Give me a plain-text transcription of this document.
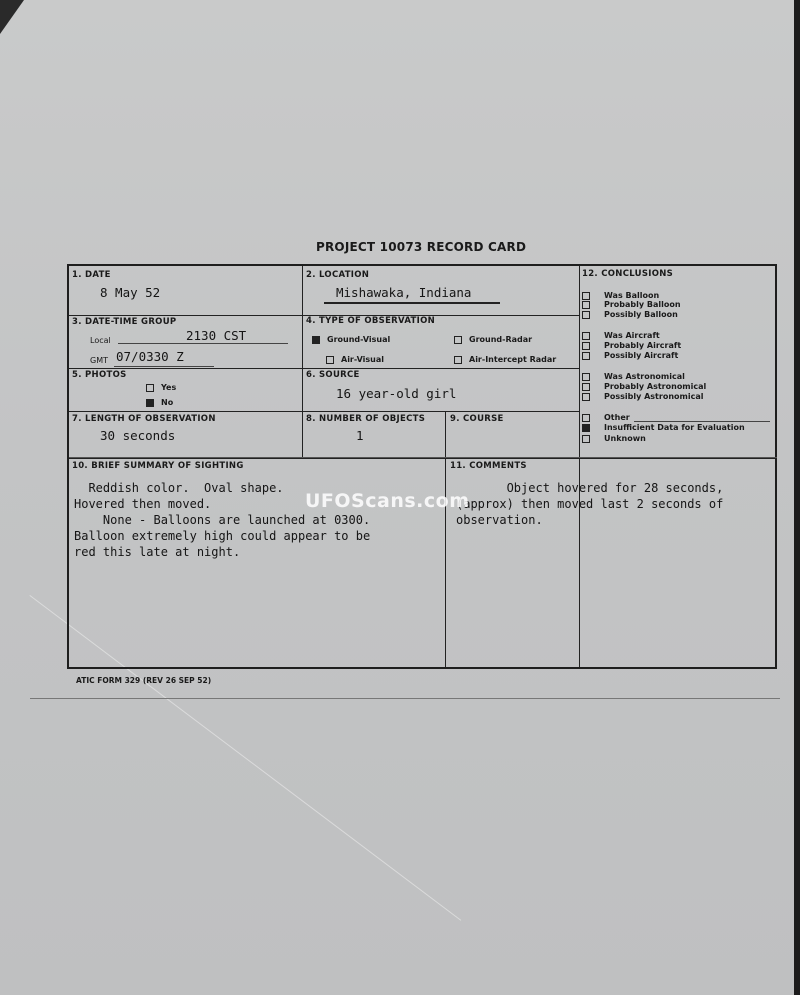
PROJECT 10073 RECORD CARD
1. DATE
8 May 52
2. LOCATION
Mishawaka, Indiana
12. CONCLUSIONS
Was Balloon
Probably Balloon
Possibly Balloon
Was Aircraft
Probably Aircraft
Possibly Aircraft
Was Astronomical
Probably Astronomical
Possibly Astronomical
Other
Insufficient Data for Evaluation
Unknown
3. DATE-TIME GROUP
Local	2130 CST
GMT 07/0330 Z
4. TYPE OF OBSERVATION
Ground-Visual	Ground-Radar
Air-Visual	Air-Intercept Radar
5. PHOTOS
Yes
No
6. SOURCE
16 year-old girl
7. LENGTH OF OBSERVATION
30 seconds
8. NUMBER OF OBJECTS
1
9. COURSE
10. BRIEF SUMMARY OF SIGHTING
Reddish color.  Oval shape.
Hovered then moved.
None - Balloons are launched at 0300.
Balloon extremely high could appear to be
red this late at night.
11. COMMENTS
Object hovered for 28 seconds,
(approx) then moved last 2 seconds of
observation.
UFOScans.com
ATIC FORM 329 (REV 26 SEP 52)
